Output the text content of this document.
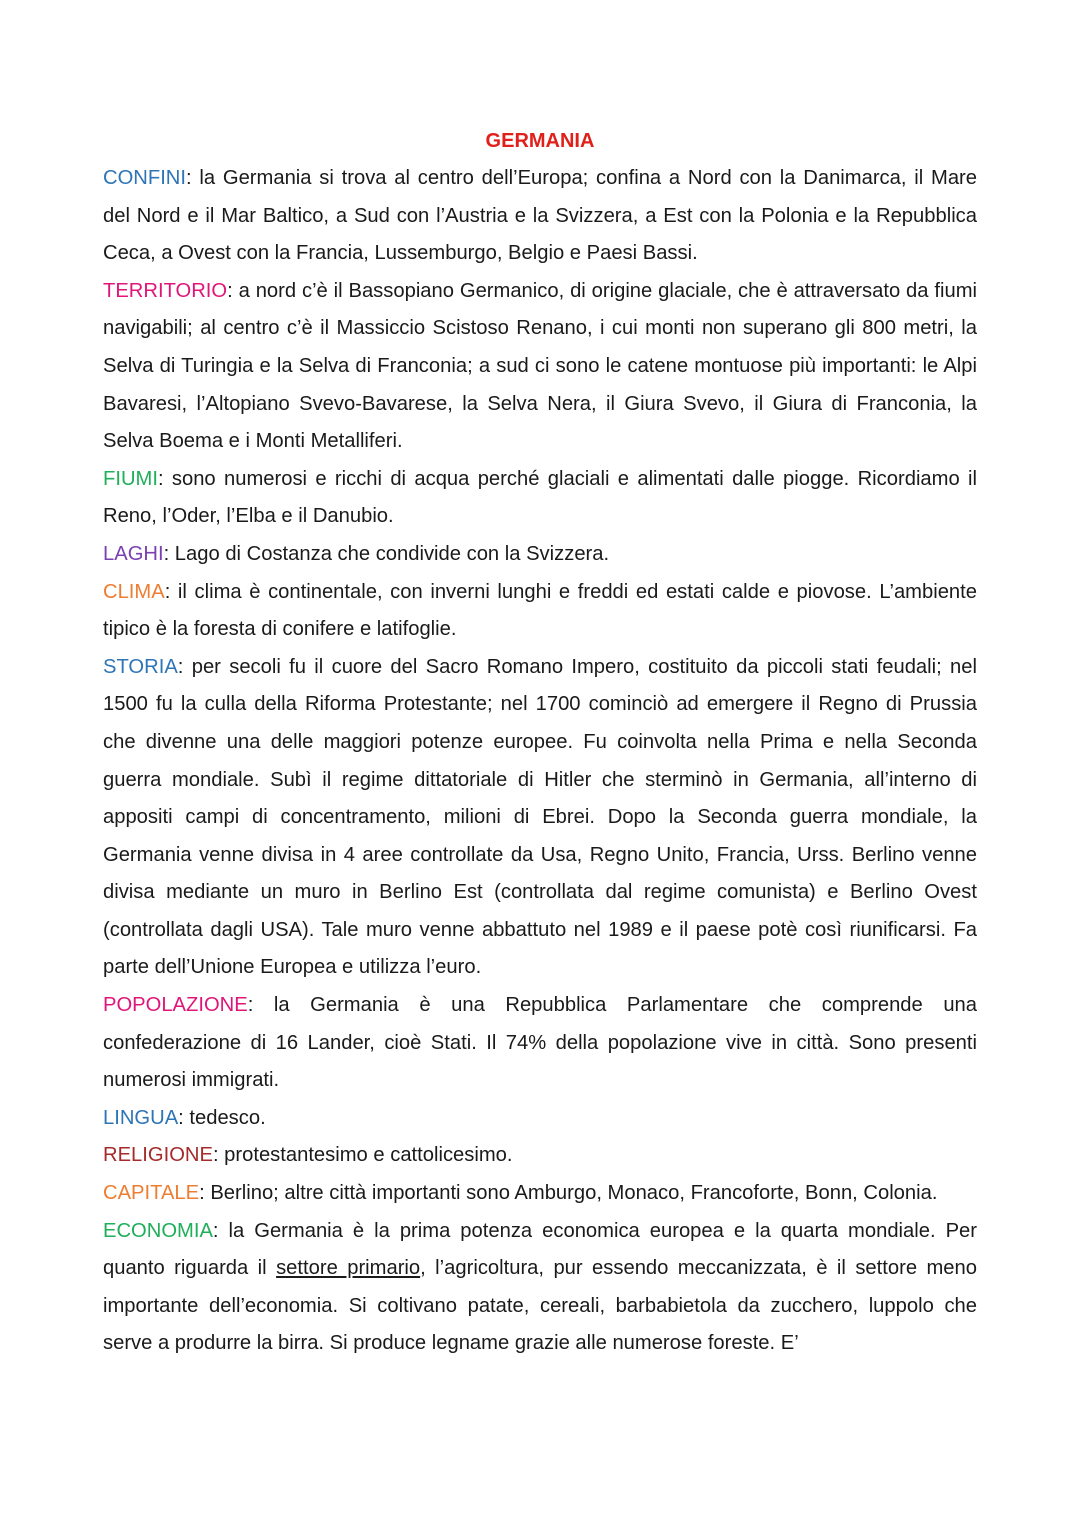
GERMANIA

CONFINI: la Germania si trova al centro dell’Europa; confina a Nord con la Danimarca, il Mare del Nord e il Mar Baltico, a Sud con l’Austria e la Svizzera, a Est con la Polonia e la Repubblica Ceca, a Ovest con la Francia, Lussemburgo, Belgio e Paesi Bassi.

TERRITORIO: a nord c’è il Bassopiano Germanico, di origine glaciale, che è attraversato da fiumi navigabili; al centro c’è il Massiccio Scistoso Renano, i cui monti non superano gli 800 metri, la Selva di Turingia e la Selva di Franconia; a sud ci sono le catene montuose più importanti: le Alpi Bavaresi, l’Altopiano Svevo-Bavarese, la Selva Nera, il Giura Svevo, il Giura di Franconia, la Selva Boema e i Monti Metalliferi.

FIUMI: sono numerosi e ricchi di acqua perché glaciali e alimentati dalle piogge. Ricordiamo il Reno, l’Oder, l’Elba e il Danubio.

LAGHI: Lago di Costanza che condivide con la Svizzera.

CLIMA: il clima è continentale, con inverni lunghi e freddi ed estati calde e piovose. L’ambiente tipico è la foresta di conifere e latifoglie.

STORIA: per secoli fu il cuore del Sacro Romano Impero, costituito da piccoli stati feudali; nel 1500 fu la culla della Riforma Protestante; nel 1700 cominciò ad emergere il Regno di Prussia che divenne una delle maggiori potenze europee. Fu coinvolta nella Prima e nella Seconda guerra mondiale. Subì il regime dittatoriale di Hitler che sterminò in Germania, all’interno di appositi campi di concentramento, milioni di Ebrei. Dopo la Seconda guerra mondiale, la Germania venne divisa in 4 aree controllate da Usa, Regno Unito, Francia, Urss. Berlino venne divisa mediante un muro in Berlino Est (controllata dal regime comunista) e Berlino Ovest (controllata dagli USA). Tale muro venne abbattuto nel 1989 e il paese potè così riunificarsi. Fa parte dell’Unione Europea e utilizza l’euro.

POPOLAZIONE: la Germania è una Repubblica Parlamentare che comprende una confederazione di 16 Lander, cioè Stati. Il 74% della popolazione vive in città. Sono presenti numerosi immigrati.

LINGUA: tedesco.

RELIGIONE: protestantesimo e cattolicesimo.

CAPITALE: Berlino; altre città importanti sono Amburgo, Monaco, Francoforte, Bonn, Colonia.

ECONOMIA: la Germania è la prima potenza economica europea e la quarta mondiale. Per quanto riguarda il settore primario, l’agricoltura, pur essendo meccanizzata, è il settore meno importante dell’economia. Si coltivano patate, cereali, barbabietola da zucchero, luppolo che serve a produrre la birra. Si produce legname grazie alle numerose foreste. E’
